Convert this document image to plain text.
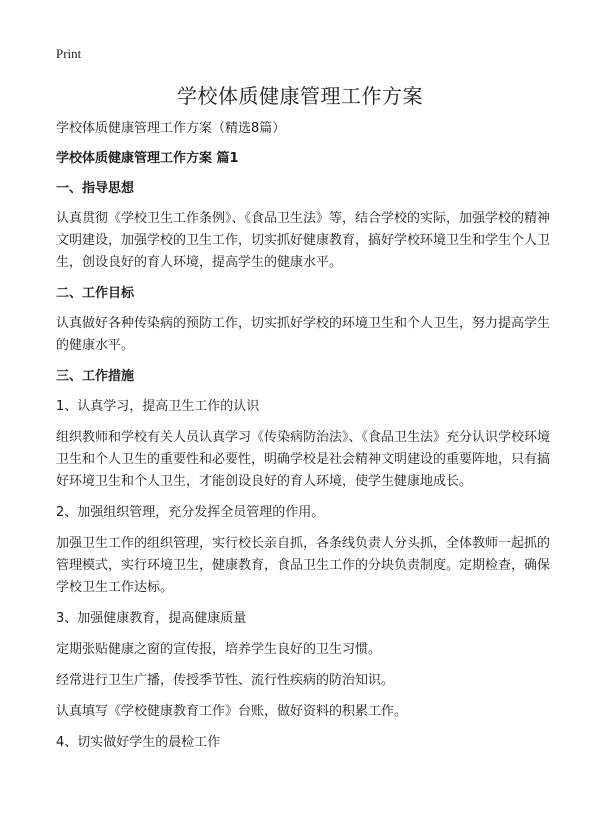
Print
学校体质健康管理工作方案

学校体质健康管理工作方案（精选8篇）

学校体质健康管理工作方案 篇1

一、指导思想

认真贯彻《学校卫生工作条例》、《食品卫生法》等，结合学校的实际，加强学校的精神文明建设，加强学校的卫生工作，切实抓好健康教育，搞好学校环境卫生和学生个人卫生，创设良好的育人环境，提高学生的健康水平。

二、工作目标

认真做好各种传染病的预防工作，切实抓好学校的环境卫生和个人卫生，努力提高学生的健康水平。

三、工作措施

1、认真学习，提高卫生工作的认识

组织教师和学校有关人员认真学习《传染病防治法》、《食品卫生法》充分认识学校环境卫生和个人卫生的重要性和必要性，明确学校是社会精神文明建设的重要阵地，只有搞好环境卫生和个人卫生，才能创设良好的育人环境，使学生健康地成长。

2、加强组织管理，充分发挥全员管理的作用。

加强卫生工作的组织管理，实行校长亲自抓，各条线负责人分头抓，全体教师一起抓的管理模式，实行环境卫生，健康教育，食品卫生工作的分块负责制度。定期检查，确保学校卫生工作达标。

3、加强健康教育，提高健康质量

定期张贴健康之窗的宣传报，培养学生良好的卫生习惯。

经常进行卫生广播，传授季节性、流行性疾病的防治知识。

认真填写《学校健康教育工作》台账，做好资料的积累工作。

4、切实做好学生的晨检工作
